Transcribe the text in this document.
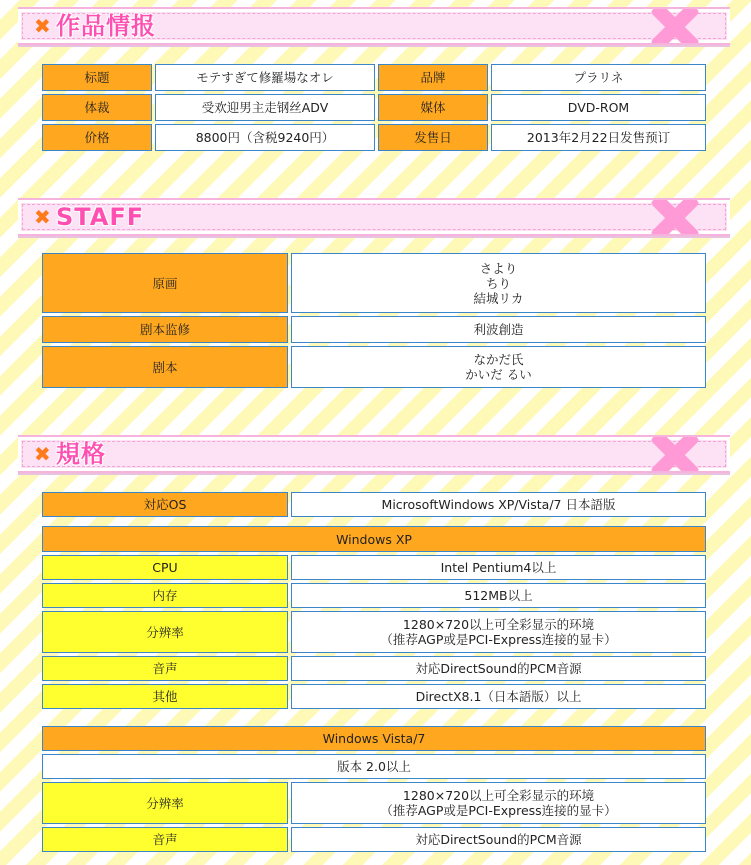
✖ 作品情报
标题	モテすぎて修羅場なオレ	品牌	プラリネ
体裁	受欢迎男主走钢丝ADV	媒体	DVD-ROM
价格	8800円（含税9240円）	发售日	2013年2月22日发售预订
✖ STAFF
原画	さより
ちり
結城リカ

剧本监修	利波創造
剧本	なかだ氏
かいだ るい
✖ 規格
対応OS	MicrosoftWindows XP/Vista/7 日本語版
Windows XP	
CPU	Intel Pentium4以上
内存	512MB以上
分辨率	1280×720以上可全彩显示的环境
（推荐AGP或是PCI-Express连接的显卡）

音声	対応DirectSound的PCM音源
其他	DirectX8.1（日本語版）以上
Windows Vista/7	
版本 2.0以上	
分辨率	1280×720以上可全彩显示的环境
（推荐AGP或是PCI-Express连接的显卡）

音声	対応DirectSound的PCM音源
